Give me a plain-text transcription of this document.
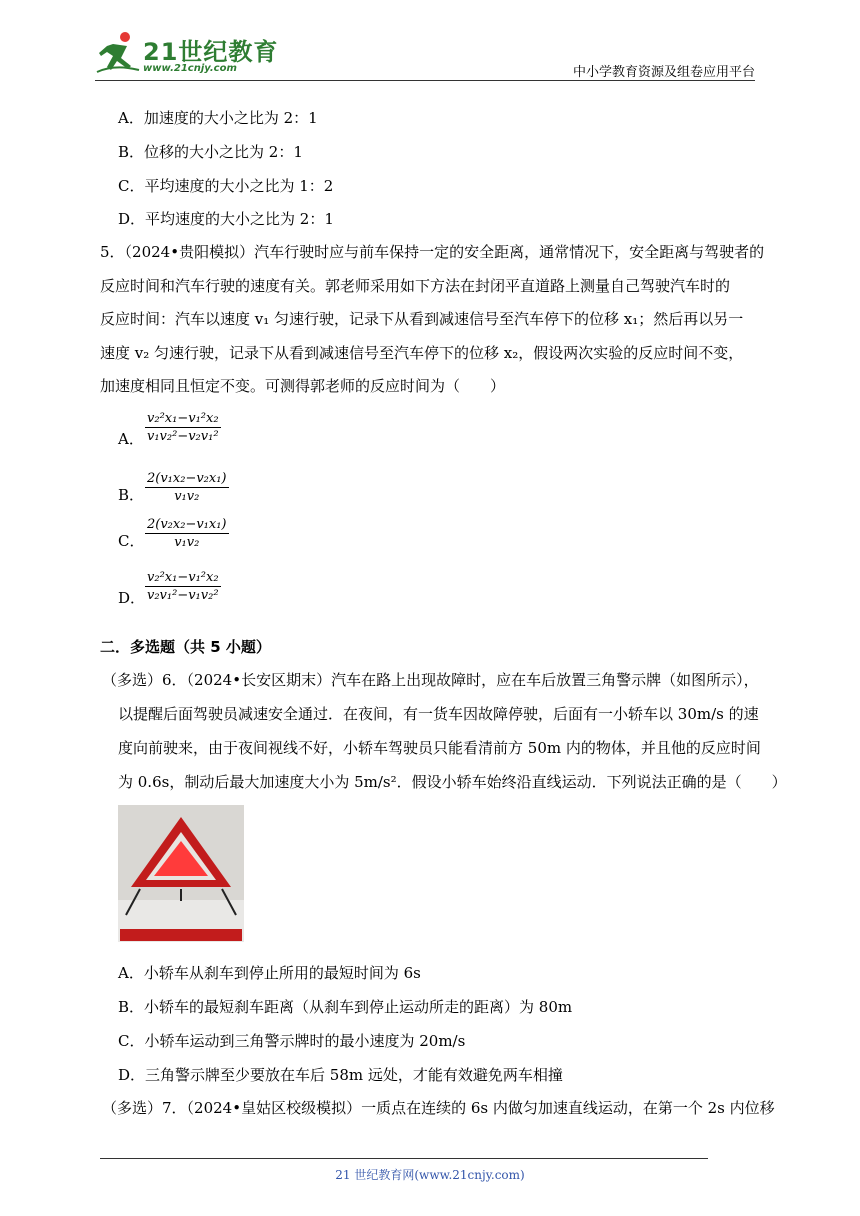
21世纪教育
www.21cnjy.com	中小学教育资源及组卷应用平台
A．加速度的大小之比为 2：1
B．位移的大小之比为 2：1
C．平均速度的大小之比为 1：2
D．平均速度的大小之比为 2：1
5．（2024•贵阳模拟）汽车行驶时应与前车保持一定的安全距离，通常情况下，安全距离与驾驶者的
反应时间和汽车行驶的速度有关。郭老师采用如下方法在封闭平直道路上测量自己驾驶汽车时的
反应时间：汽车以速度 v₁ 匀速行驶，记录下从看到减速信号至汽车停下的位移 x₁；然后再以另一
速度 v₂ 匀速行驶，记录下从看到减速信号至汽车停下的位移 x₂，假设两次实验的反应时间不变，
加速度相同且恒定不变。可测得郭老师的反应时间为（　　）
A． $\frac{\text{v₂²x₁−v₁²x₂}}{\text{v₁v₂²−v₂v₁²}}$
B． $\frac{\text{2(v₁x₂−v₂x₁)}}{\text{v₁v₂}}$
C． $\frac{\text{2(v₂x₂−v₁x₁)}}{\text{v₁v₂}}$
D． $\frac{\text{v₂²x₁−v₁²x₂}}{\text{v₂v₁²−v₁v₂²}}$
二．多选题（共 5 小题）
（多选）6．（2024•长安区期末）汽车在路上出现故障时，应在车后放置三角警示牌（如图所示），
以提醒后面驾驶员减速安全通过．在夜间，有一货车因故障停驶，后面有一小轿车以 30m/s 的速
度向前驶来，由于夜间视线不好，小轿车驾驶员只能看清前方 50m 内的物体，并且他的反应时间
为 0.6s，制动后最大加速度大小为 5m/s²．假设小轿车始终沿直线运动．下列说法正确的是（　　）
A．小轿车从刹车到停止所用的最短时间为 6s
B．小轿车的最短刹车距离（从刹车到停止运动所走的距离）为 80m
C．小轿车运动到三角警示牌时的最小速度为 20m/s
D．三角警示牌至少要放在车后 58m 远处，才能有效避免两车相撞
（多选）7．（2024•皇姑区校级模拟）一质点在连续的 6s 内做匀加速直线运动，在第一个 2s 内位移
21 世纪教育网(www.21cnjy.com)
